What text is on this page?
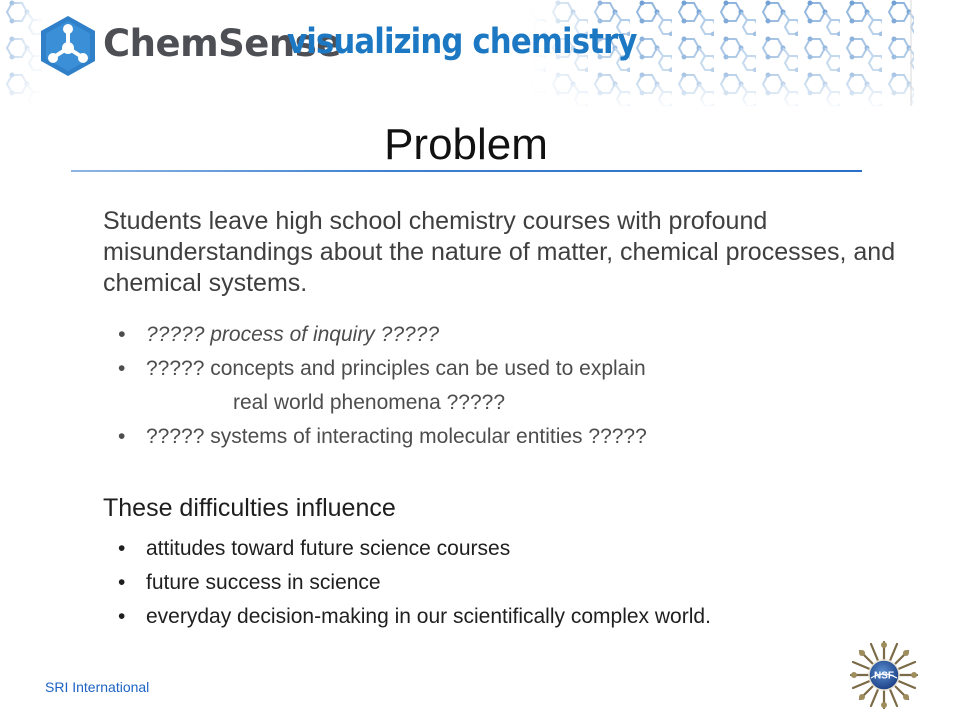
ChemSense
visualizing chemistry
Problem

Students leave high school chemistry courses with profound misunderstandings about the nature of matter, chemical processes, and chemical systems.

• ????? process of inquiry ?????
• ????? concepts and principles can be used to explain
real world phenomena ?????
• ????? systems of interacting molecular entities ?????
These difficulties influence
• attitudes toward future science courses
• future success in science
• everyday decision-making in our scientifically complex world.
SRI International
NSF
